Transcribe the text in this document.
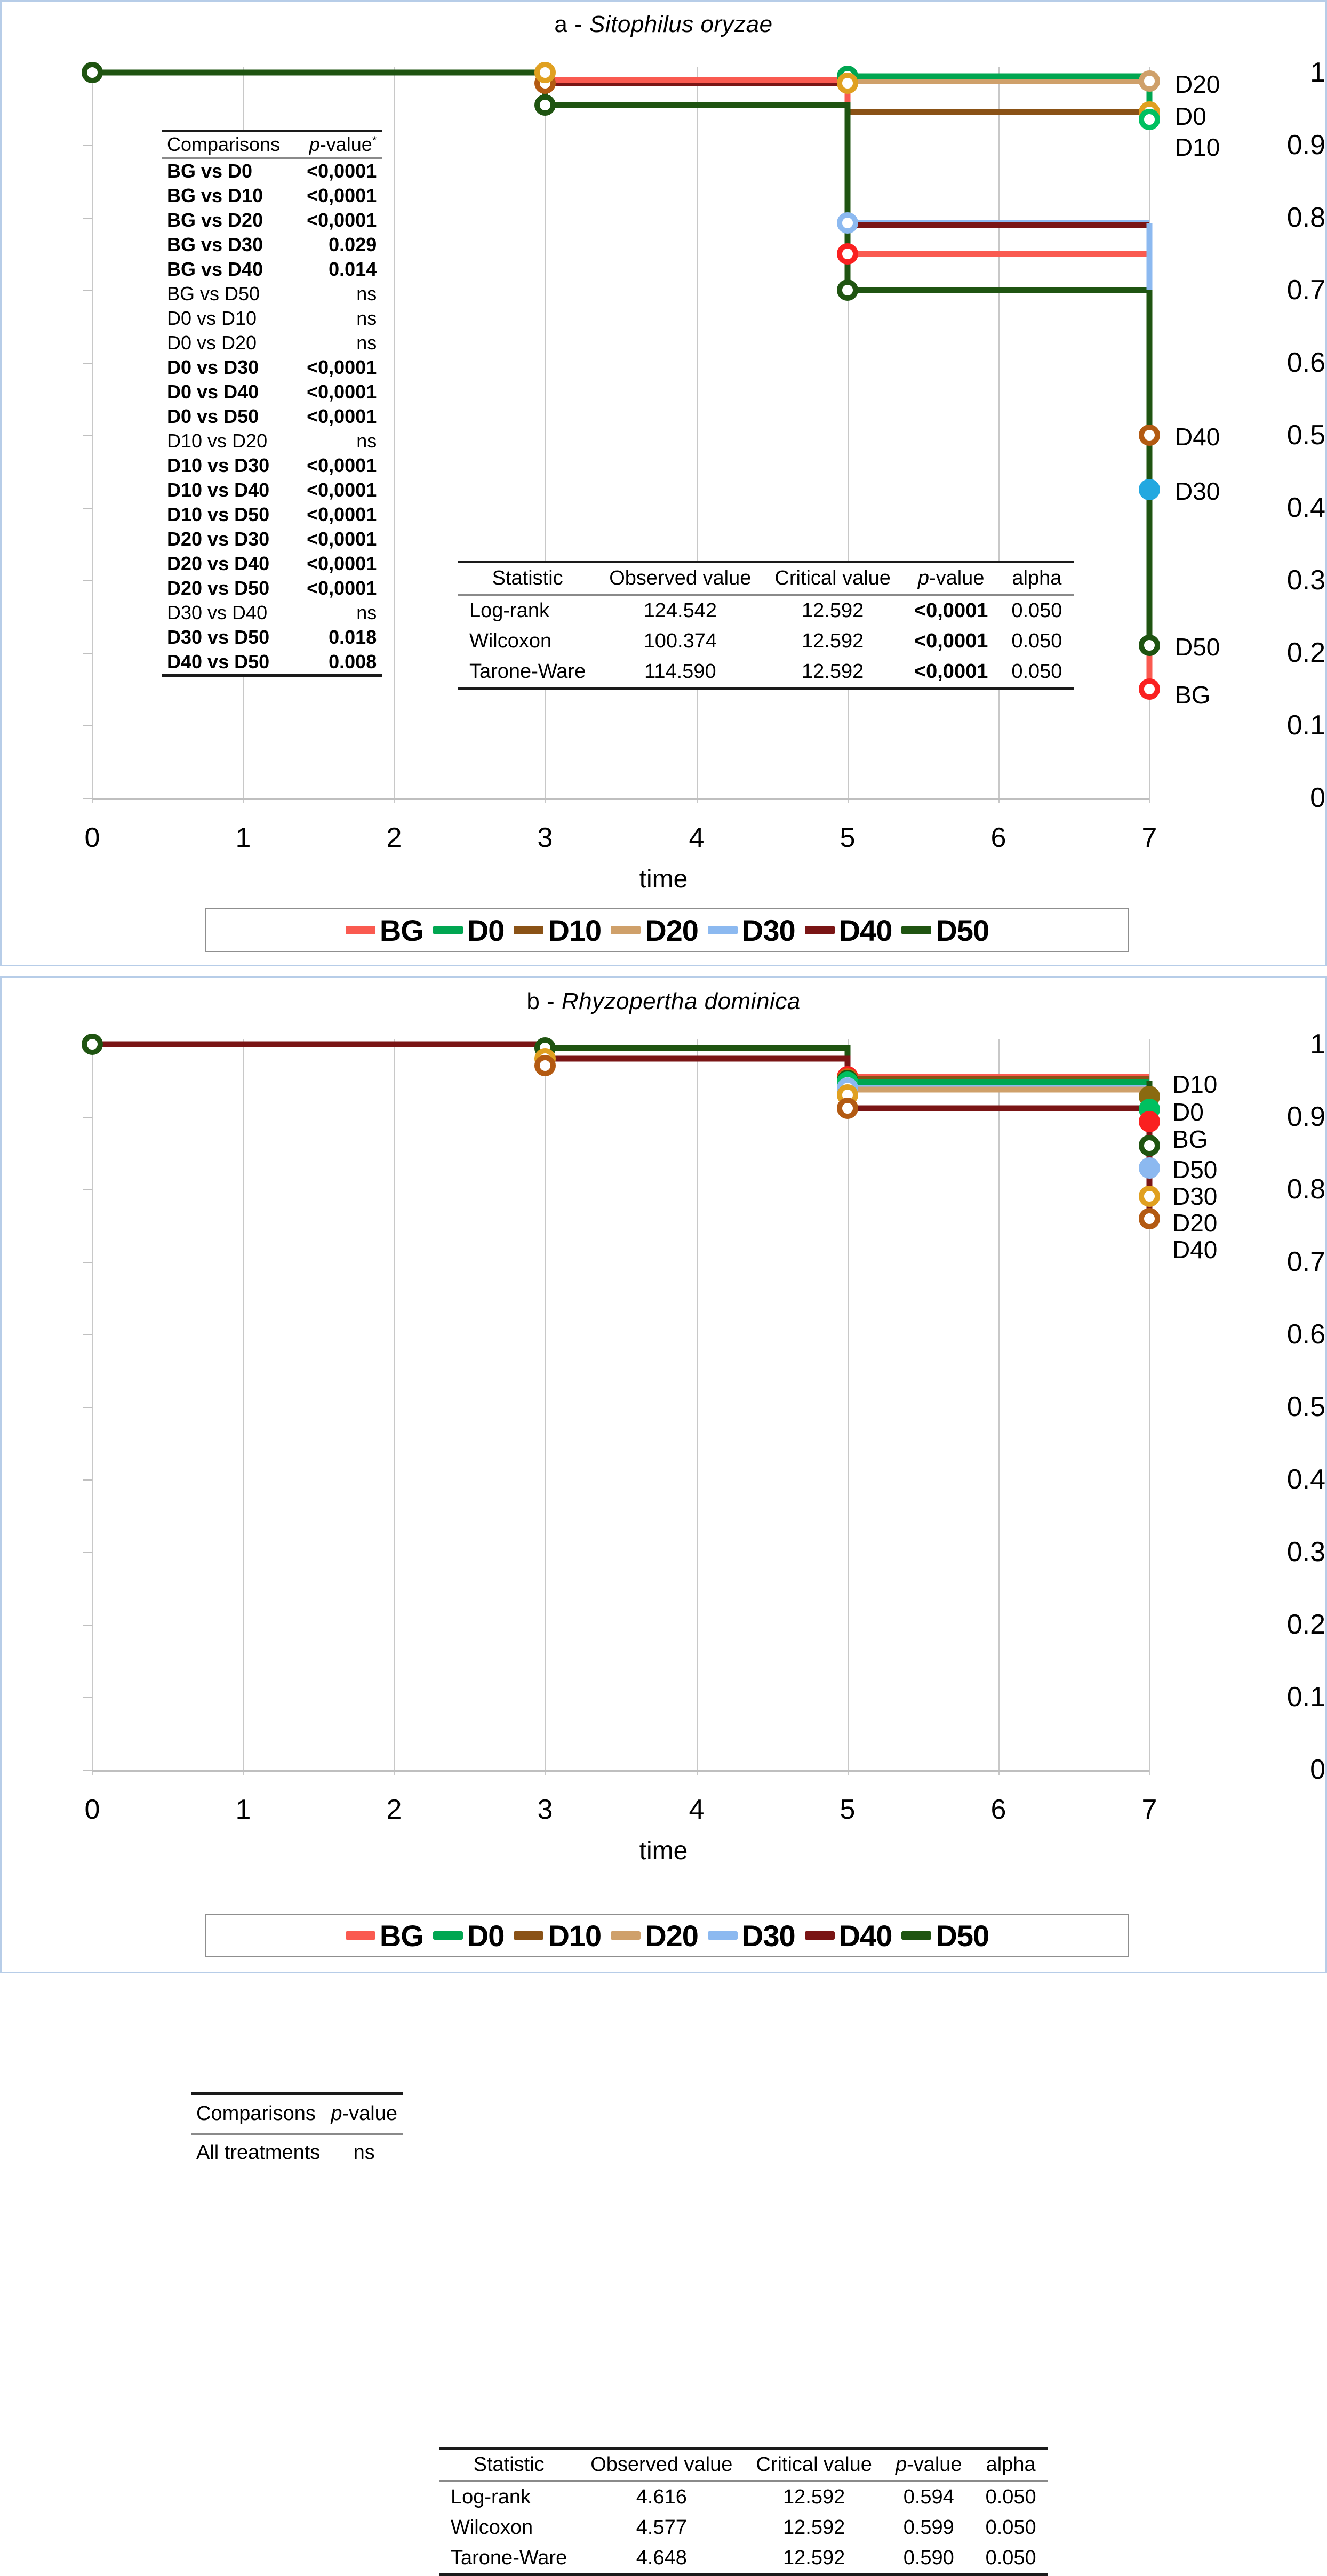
a - Sitophilus oryzae
1
0.9
0.8
0.7
0.6
0.5
0.4
0.3
0.2
0.1
0
0	1	2	3	4	5	6	7
time
D20
D0
D10
D40
D30
D50
BG
Comparisons	p-value*
BG vs D0	<0,0001
BG vs D10	<0,0001
BG vs D20	<0,0001
BG vs D30	0.029
BG vs D40	0.014
BG vs D50	ns
D0 vs D10	ns
D0 vs D20	ns
D0 vs D30	<0,0001
D0 vs D40	<0,0001
D0 vs D50	<0,0001
D10 vs D20	ns
D10 vs D30	<0,0001
D10 vs D40	<0,0001
D10 vs D50	<0,0001
D20 vs D30	<0,0001
D20 vs D40	<0,0001
D20 vs D50	<0,0001
D30 vs D40	ns
D30 vs D50	0.018
D40 vs D50	0.008
Statistic	Observed value	Critical value	p-value	alpha
Log-rank	124.542	12.592	<0,0001	0.050
Wilcoxon	100.374	12.592	<0,0001	0.050
Tarone-Ware	114.590	12.592	<0,0001	0.050
BG D0 D10 D20 D30 D40 D50
b - Rhyzopertha dominica
1
0.9
0.8
0.7
0.6
0.5
0.4
0.3
0.2
0.1
0
0	1	2	3	4	5	6	7
time
D10
D0
BG
D50
D30
D20
D40
Comparisons	p-value
All treatments	ns
Statistic	Observed value	Critical value	p-value	alpha
Log-rank	4.616	12.592	0.594	0.050
Wilcoxon	4.577	12.592	0.599	0.050
Tarone-Ware	4.648	12.592	0.590	0.050
BG D0 D10 D20 D30 D40 D50
